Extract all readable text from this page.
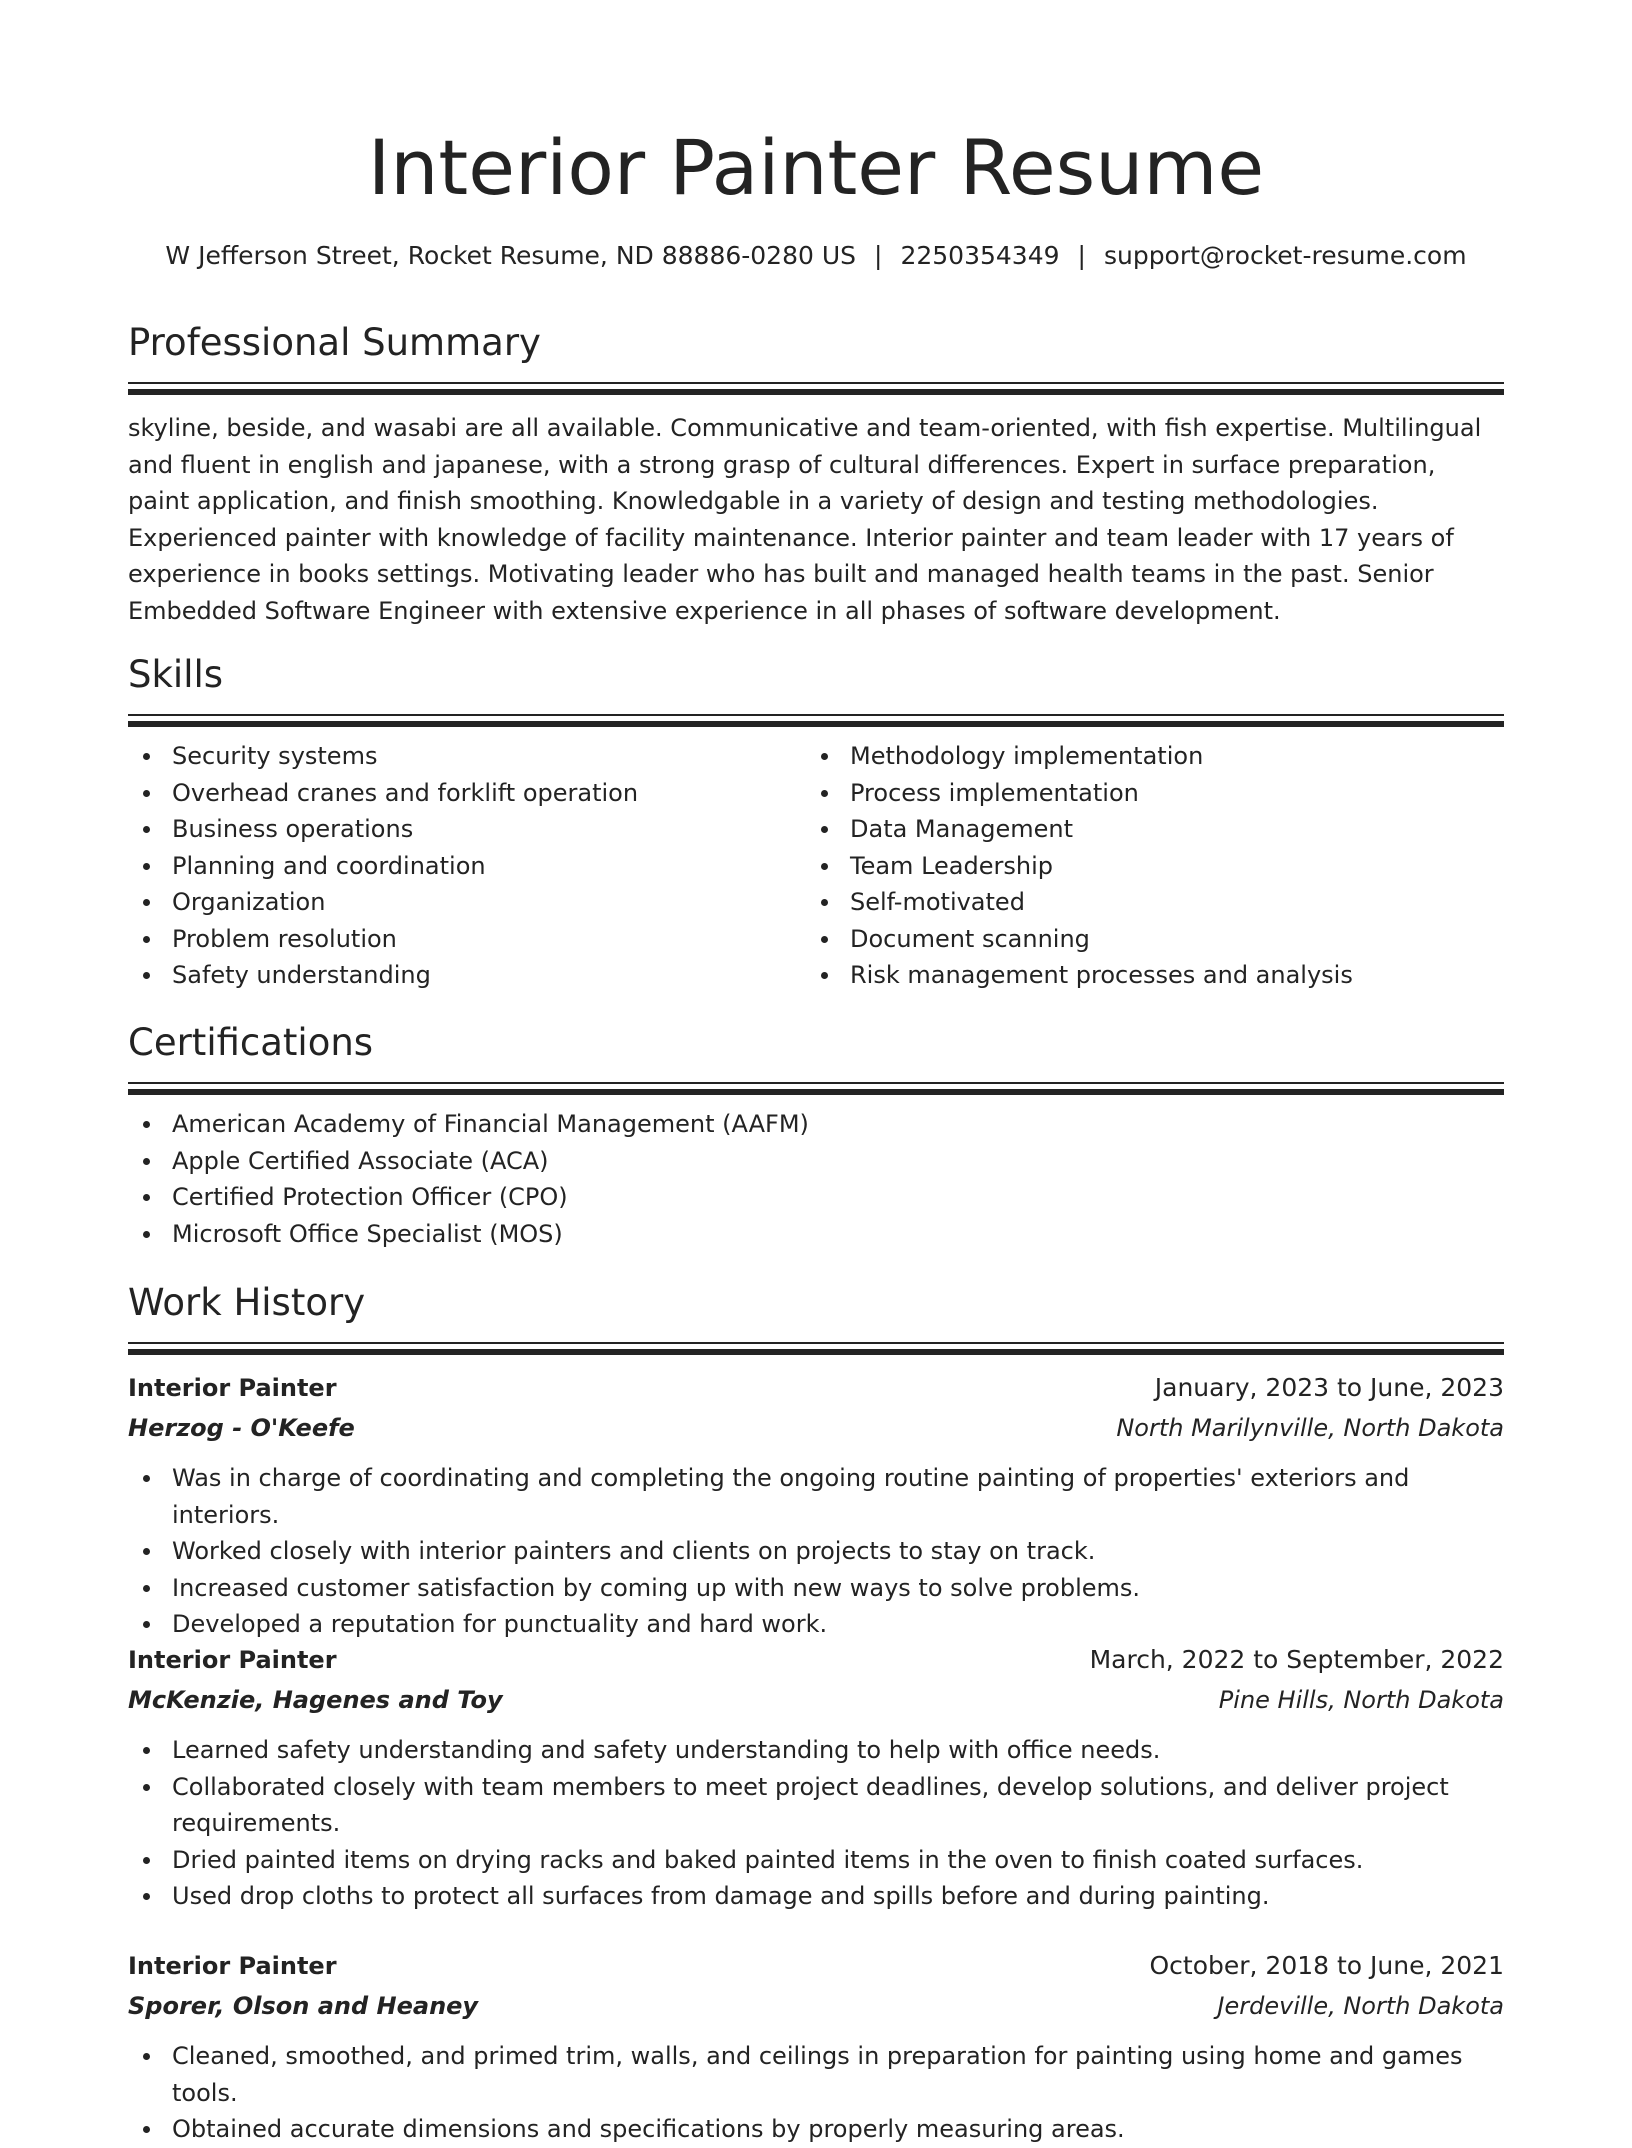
Interior Painter Resume
W Jefferson Street, Rocket Resume, ND 88886-0280 US | 2250354349 | support@rocket-resume.com
Professional Summary

skyline, beside, and wasabi are all available. Communicative and team-oriented, with fish expertise. Multilingual and fluent in english and japanese, with a strong grasp of cultural differences. Expert in surface preparation, paint application, and finish smoothing. Knowledgable in a variety of design and testing methodologies. Experienced painter with knowledge of facility maintenance. Interior painter and team leader with 17 years of experience in books settings. Motivating leader who has built and managed health teams in the past. Senior Embedded Software Engineer with extensive experience in all phases of software development.

Skills
Security systems
Overhead cranes and forklift operation
Business operations
Planning and coordination
Organization
Problem resolution
Safety understanding
Methodology implementation
Process implementation
Data Management
Team Leadership
Self-motivated
Document scanning
Risk management processes and analysis
Certifications
American Academy of Financial Management (AAFM)
Apple Certified Associate (ACA)
Certified Protection Officer (CPO)
Microsoft Office Specialist (MOS)
Work History
Interior Painter	January, 2023 to June, 2023
Herzog - O'Keefe	North Marilynville, North Dakota
Was in charge of coordinating and completing the ongoing routine painting of properties' exteriors and interiors.
Worked closely with interior painters and clients on projects to stay on track.
Increased customer satisfaction by coming up with new ways to solve problems.
Developed a reputation for punctuality and hard work.
Interior Painter	March, 2022 to September, 2022
McKenzie, Hagenes and Toy	Pine Hills, North Dakota
Learned safety understanding and safety understanding to help with office needs.
Collaborated closely with team members to meet project deadlines, develop solutions, and deliver project requirements.
Dried painted items on drying racks and baked painted items in the oven to finish coated surfaces.
Used drop cloths to protect all surfaces from damage and spills before and during painting.
Interior Painter	October, 2018 to June, 2021
Sporer, Olson and Heaney	Jerdeville, North Dakota
Cleaned, smoothed, and primed trim, walls, and ceilings in preparation for painting using home and games tools.
Obtained accurate dimensions and specifications by properly measuring areas.
